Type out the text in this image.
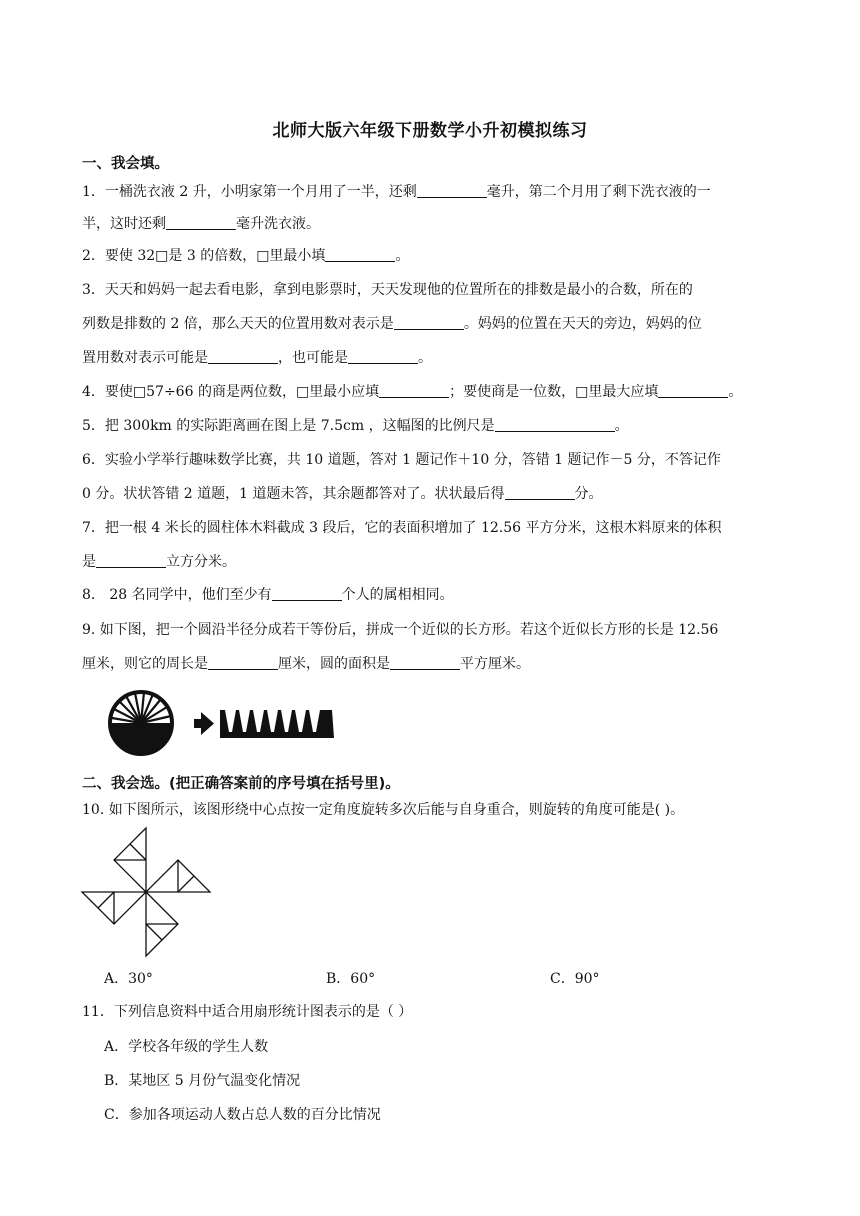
北师大版六年级下册数学小升初模拟练习
一、我会填。
1．一桶洗衣液 2 升，小明家第一个月用了一半，还剩	毫升，第二个月用了剩下洗衣液的一
半，这时还剩	毫升洗衣液。
2．要使 32□是 3 的倍数，□里最小填	。
3．天天和妈妈一起去看电影，拿到电影票时，天天发现他的位置所在的排数是最小的合数，所在的
列数是排数的 2 倍，那么天天的位置用数对表示是	。妈妈的位置在天天的旁边，妈妈的位
置用数对表示可能是	，也可能是	。
4．要使□57÷66 的商是两位数，□里最小应填	；要使商是一位数，□里最大应填	。
5．把 300km 的实际距离画在图上是 7.5cm ，这幅图的比例尺是	。
6．实验小学举行趣味数学比赛，共 10 道题，答对 1 题记作＋10 分，答错 1 题记作－5 分，不答记作
0 分。状状答错 2 道题，1 道题未答，其余题都答对了。状状最后得	分。
7．把一根 4 米长的圆柱体木料截成 3 段后，它的表面积增加了 12.56 平方分米，这根木料原来的体积
是	立方分米。
8． 28 名同学中，他们至少有	个人的属相相同。
9. 如下图，把一个圆沿半径分成若干等份后，拼成一个近似的长方形。若这个近似长方形的长是 12.56
厘米，则它的周长是	厘米，圆的面积是	平方厘米。
二、我会选。(把正确答案前的序号填在括号里)。
10. 如下图所示，该图形绕中心点按一定角度旋转多次后能与自身重合，则旋转的角度可能是( )。
A．30°	B．60°	C．90°
11．下列信息资料中适合用扇形统计图表示的是（ ）
A．学校各年级的学生人数
B．某地区 5 月份气温变化情况
C．参加各项运动人数占总人数的百分比情况
